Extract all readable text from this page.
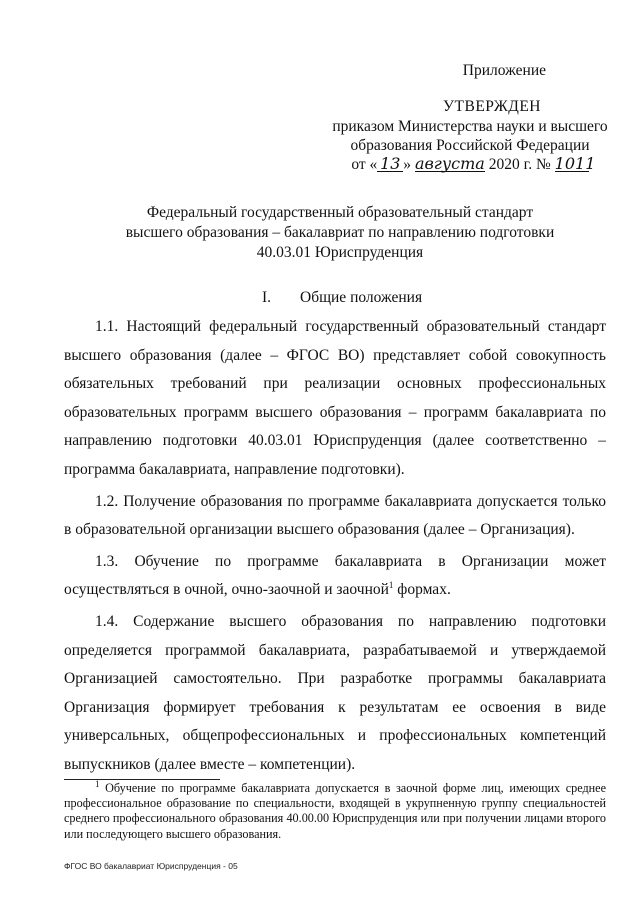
Приложение
УТВЕРЖДЕН
приказом Министерства науки и высшего
образования Российской Федерации
от « 13 » августа 2020 г. № 1011
Федеральный государственный образовательный стандарт
высшего образования – бакалавриат по направлению подготовки
40.03.01 Юриспруденция
I. Общие положения

1.1. Настоящий федеральный государственный образовательный стандарт высшего образования (далее – ФГОС ВО) представляет собой совокупность обязательных требований при реализации основных профессиональных образовательных программ высшего образования – программ бакалавриата по направлению подготовки 40.03.01 Юриспруденция (далее соответственно – программа бакалавриата, направление подготовки).

1.2. Получение образования по программе бакалавриата допускается только в образовательной организации высшего образования (далее – Организация).

1.3. Обучение по программе бакалавриата в Организации может осуществляться в очной, очно-заочной и заочной$^1$ формах.

1.4. Содержание высшего образования по направлению подготовки определяется программой бакалавриата, разрабатываемой и утверждаемой Организацией самостоятельно. При разработке программы бакалавриата Организация формирует требования к результатам ее освоения в виде универсальных, общепрофессиональных и профессиональных компетенций выпускников (далее вместе – компетенции).

$^1$ Обучение по программе бакалавриата допускается в заочной форме лиц, имеющих среднее профессиональное образование по специальности, входящей в укрупненную группу специальностей среднего профессионального образования 40.00.00 Юриспруденция или при получении лицами второго или последующего высшего образования.
ФГОС ВО бакалавриат Юриспруденция - 05
